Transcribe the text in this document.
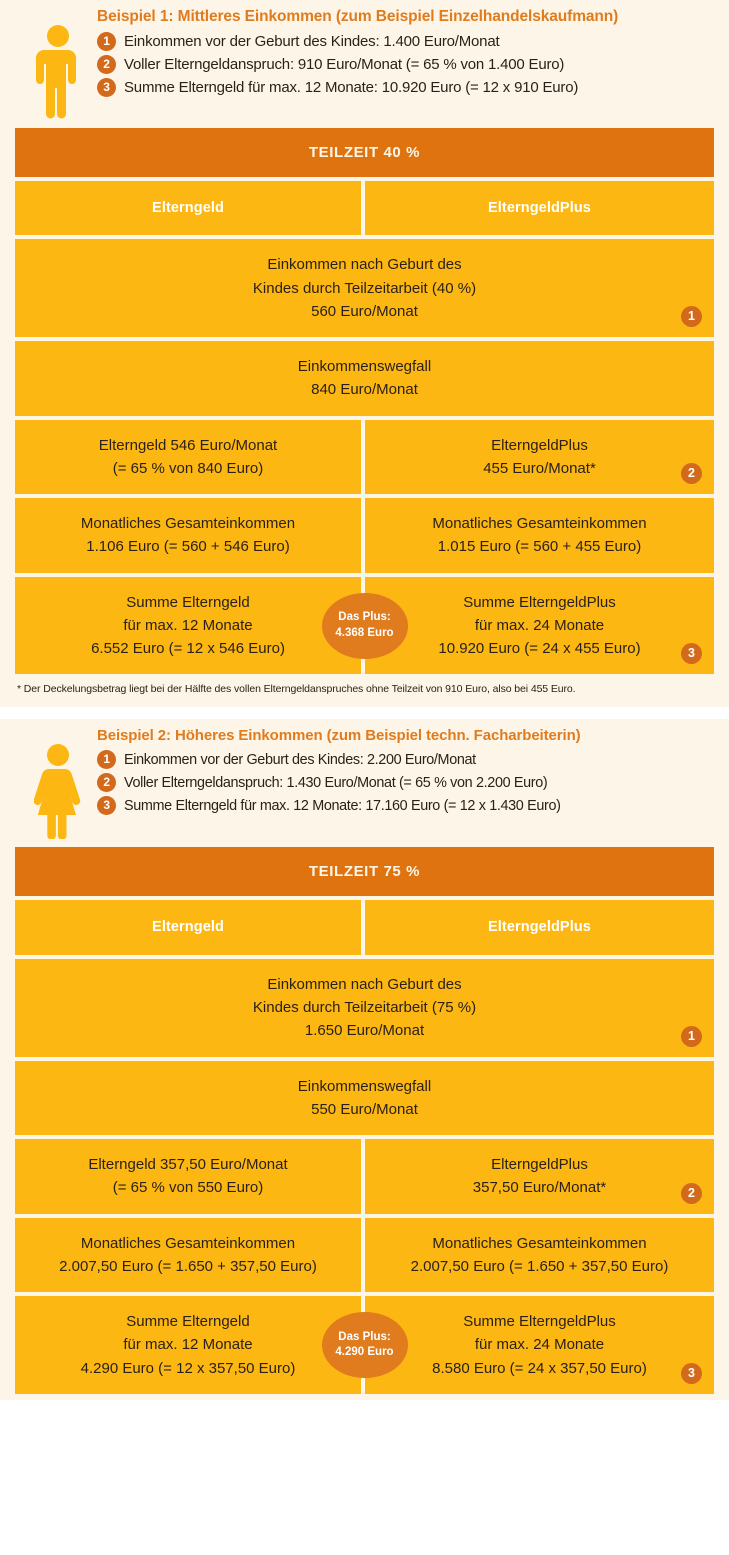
Beispiel 1: Mittleres Einkommen (zum Beispiel Einzelhandelskaufmann)
1 Einkommen vor der Geburt des Kindes: 1.400 Euro/Monat
2 Voller Elterngeldanspruch: 910 Euro/Monat (= 65 % von 1.400 Euro)
3 Summe Elterngeld für max. 12 Monate: 10.920 Euro (= 12 x 910 Euro)
TEILZEIT 40 %
Elterngeld	ElterngeldPlus
Einkommen nach Geburt des
Kindes durch Teilzeitarbeit (40 %)
560 Euro/Monat	1
Einkommenswegfall
840 Euro/Monat
Elterngeld 546 Euro/Monat
(= 65 % von 840 Euro)
ElterngeldPlus
455 Euro/Monat*	2
Monatliches Gesamteinkommen
1.106 Euro (= 560 + 546 Euro)
Monatliches Gesamteinkommen
1.015 Euro (= 560 + 455 Euro)
Summe Elterngeld
für max. 12 Monate
6.552 Euro (= 12 x 546 Euro)
Summe ElterngeldPlus
für max. 24 Monate
10.920 Euro (= 24 x 455 Euro)
Das Plus:
4.368 Euro
3
* Der Deckelungsbetrag liegt bei der Hälfte des vollen Elterngeldanspruches ohne Teilzeit von 910 Euro, also bei 455 Euro.
Beispiel 2: Höheres Einkommen (zum Beispiel techn. Facharbeiterin)
1 Einkommen vor der Geburt des Kindes: 2.200 Euro/Monat
2 Voller Elterngeldanspruch: 1.430 Euro/Monat (= 65 % von 2.200 Euro)
3 Summe Elterngeld für max. 12 Monate: 17.160 Euro (= 12 x 1.430 Euro)
TEILZEIT 75 %
Elterngeld	ElterngeldPlus
Einkommen nach Geburt des
Kindes durch Teilzeitarbeit (75 %)
1.650 Euro/Monat	1
Einkommenswegfall
550 Euro/Monat
Elterngeld 357,50 Euro/Monat
(= 65 % von 550 Euro)
ElterngeldPlus
357,50 Euro/Monat*	2
Monatliches Gesamteinkommen
2.007,50 Euro (= 1.650 + 357,50 Euro)
Monatliches Gesamteinkommen
2.007,50 Euro (= 1.650 + 357,50 Euro)
Summe Elterngeld
für max. 12 Monate
4.290 Euro (= 12 x 357,50 Euro)
Summe ElterngeldPlus
für max. 24 Monate
8.580 Euro (= 24 x 357,50 Euro)
Das Plus:
4.290 Euro
3
